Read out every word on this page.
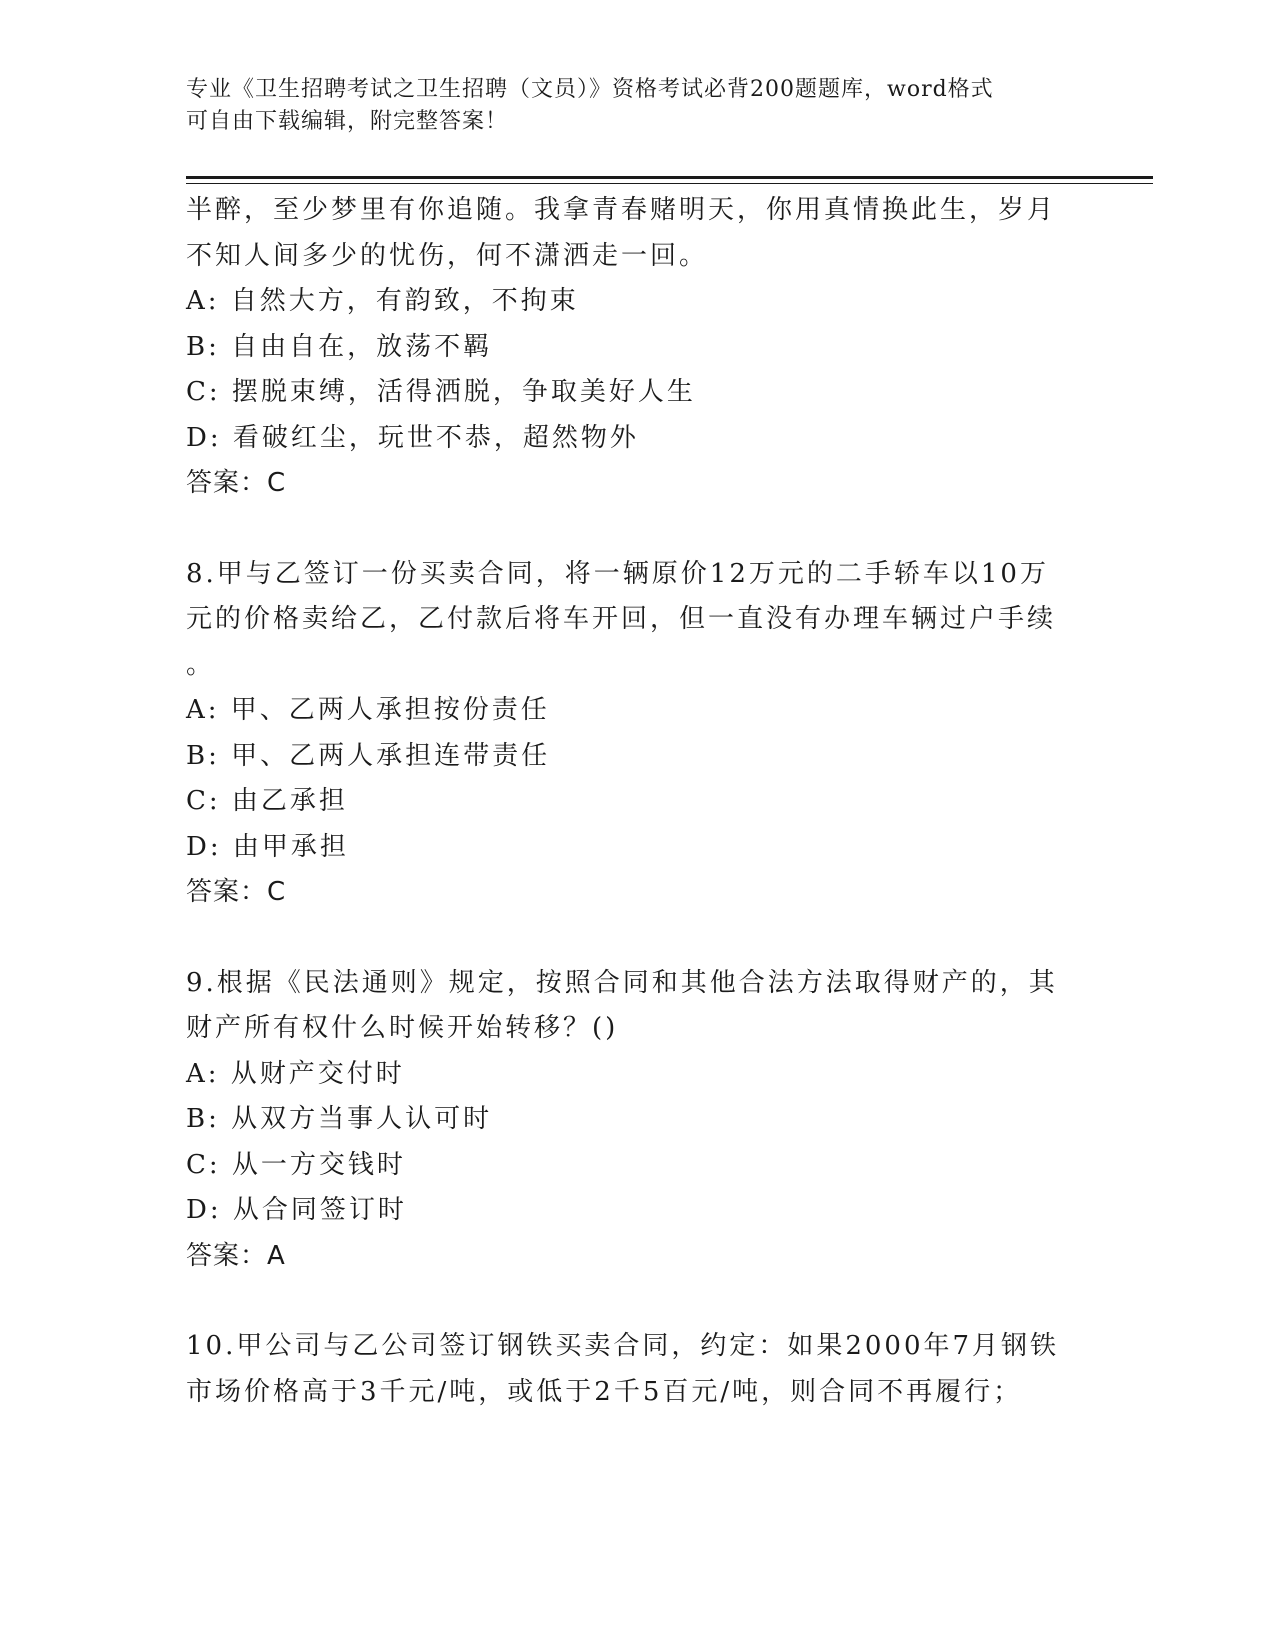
专业《卫生招聘考试之卫生招聘（文员）》资格考试必背200题题库，word格式
可自由下载编辑，附完整答案！

半醉，至少梦里有你追随。我拿青春赌明天，你用真情换此生，岁月

不知人间多少的忧伤，何不潇洒走一回。

A: 自然大方，有韵致，不拘束

B: 自由自在，放荡不羁

C: 摆脱束缚，活得洒脱，争取美好人生

D: 看破红尘，玩世不恭，超然物外

答案：C

8.甲与乙签订一份买卖合同，将一辆原价12万元的二手轿车以10万

元的价格卖给乙，乙付款后将车开回，但一直没有办理车辆过户手续

。

A: 甲、乙两人承担按份责任

B: 甲、乙两人承担连带责任

C: 由乙承担

D: 由甲承担

答案：C

9.根据《民法通则》规定，按照合同和其他合法方法取得财产的，其

财产所有权什么时候开始转移？()

A: 从财产交付时

B: 从双方当事人认可时

C: 从一方交钱时

D: 从合同签订时

答案：A

10.甲公司与乙公司签订钢铁买卖合同，约定：如果2000年7月钢铁

市场价格高于3千元/吨，或低于2千5百元/吨，则合同不再履行；
